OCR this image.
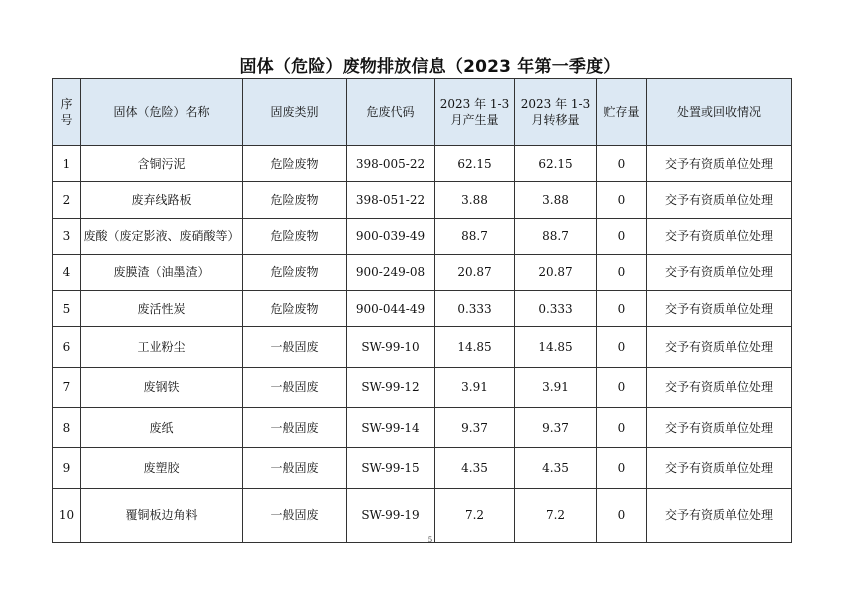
固体（危险）废物排放信息（2023 年第一季度）
序号	固体（危险）名称	固废类别	危废代码	2023 年 1-3 月产生量	2023 年 1-3 月转移量	贮存量	处置或回收情况
1	含铜污泥	危险废物	398-005-22	62.15	62.15	0	交予有资质单位处理
2	废弃线路板	危险废物	398-051-22	3.88	3.88	0	交予有资质单位处理
3	废酸（废定影液、废硝酸等）	危险废物	900-039-49	88.7	88.7	0	交予有资质单位处理
4	废膜渣（油墨渣）	危险废物	900-249-08	20.87	20.87	0	交予有资质单位处理
5	废活性炭	危险废物	900-044-49	0.333	0.333	0	交予有资质单位处理
6	工业粉尘	一般固废	SW-99-10	14.85	14.85	0	交予有资质单位处理
7	废钢铁	一般固废	SW-99-12	3.91	3.91	0	交予有资质单位处理
8	废纸	一般固废	SW-99-14	9.37	9.37	0	交予有资质单位处理
9	废塑胶	一般固废	SW-99-15	4.35	4.35	0	交予有资质单位处理
10	覆铜板边角料	一般固废	SW-99-19	7.2	7.2	0	交予有资质单位处理
5
